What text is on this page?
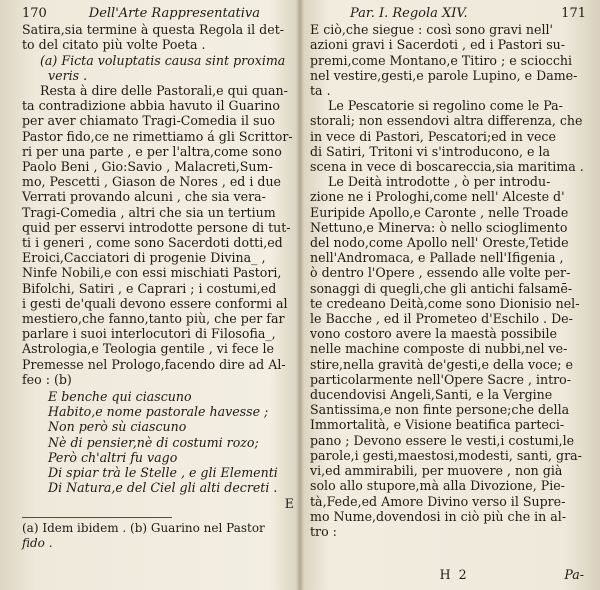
170	Dell'Arte Rappresentativa
Satira,sia termine à questa Regola il det-
to del citato più volte Poeta .
(a) Ficta voluptatis causa sint proxima
veris .
Resta à dire delle Pastorali,e qui quan-
ta contradizione abbia havuto il Guarino
per aver chiamato Tragi-Comedia il suo
Pastor fido,ce ne rimettiamo á gli Scrittor-
ri per una parte , e per l'altra,come sono
Paolo Beni , Gio:Savio , Malacreti,Sum-
mo, Pescetti , Giason de Nores , ed i due
Verrati provando alcuni , che sia vera-
Tragi-Comedia , altri che sia un tertium
quid per esservi introdotte persone di tut-
ti i generi , come sono Sacerdoti dotti,ed
Eroici,Cacciatori di progenie Divina_ ,
Ninfe Nobili,e con essi mischiati Pastori,
Bifolchi, Satiri , e Caprari ; i costumi,ed
i gesti de'quali devono essere conformi al
mestiero,che fanno,tanto più, che per far
parlare i suoi interlocutori di Filosofia_,
Astrologia,e Teologia gentile , vi fece le
Premesse nel Prologo,facendo dire ad Al-
feo : (b)
E benche qui ciascuno
Habito,e nome pastorale havesse ;
Non però sù ciascuno
Nè di pensier,nè di costumi rozo;
Però ch'altri fu vago
Di spiar trà le Stelle , e gli Elementi
Di Natura,e del Ciel gli alti decreti .
E
(a) Idem ibidem . (b) Guarino nel Pastor
fido .
Par. I. Regola XIV.	171
E ciò,che siegue : così sono gravi nell'
azioni gravi i Sacerdoti , ed i Pastori su-
premi,come Montano,e Titiro ; e sciocchi
nel vestire,gesti,e parole Lupino, e Dame-
ta .
Le Pescatorie si regolino come le Pa-
storali; non essendovi altra differenza, che
in vece di Pastori, Pescatori;ed in vece
di Satiri, Tritoni vi s'introducono, e la
scena in vece di boscareccia,sia maritima .
Le Deità introdotte , ò per introdu-
zione ne i Prologhi,come nell' Alceste d'
Euripide Apollo,e Caronte , nelle Troade
Nettuno,e Minerva: ò nello scioglimento
del nodo,come Apollo nell' Oreste,Tetide
nell'Andromaca, e Pallade nell'Ifigenia ,
ò dentro l'Opere , essendo alle volte per-
sonaggi di quegli,che gli antichi falsamē-
te credeano Deità,come sono Dionisio nel-
le Bacche , ed il Prometeo d'Eschilo . De-
vono costoro avere la maestà possibile
nelle machine composte di nubbi,nel ve-
stire,nella gravità de'gesti,e della voce; e
particolarmente nell'Opere Sacre , intro-
ducendovisi Angeli,Santi, e la Vergine
Santissima,e non finte persone;che della
Immortalità, e Visione beatifica parteci-
pano ; Devono essere le vesti,i costumi,le
parole,i gesti,maestosi,modesti, santi, gra-
vi,ed ammirabili, per muovere , non già
solo allo stupore,mà alla Divozione, Pie-
tà,Fede,ed Amore Divino verso il Supre-
mo Nume,dovendosi in ciò più che in al-
tro :
H 2	Pa-
